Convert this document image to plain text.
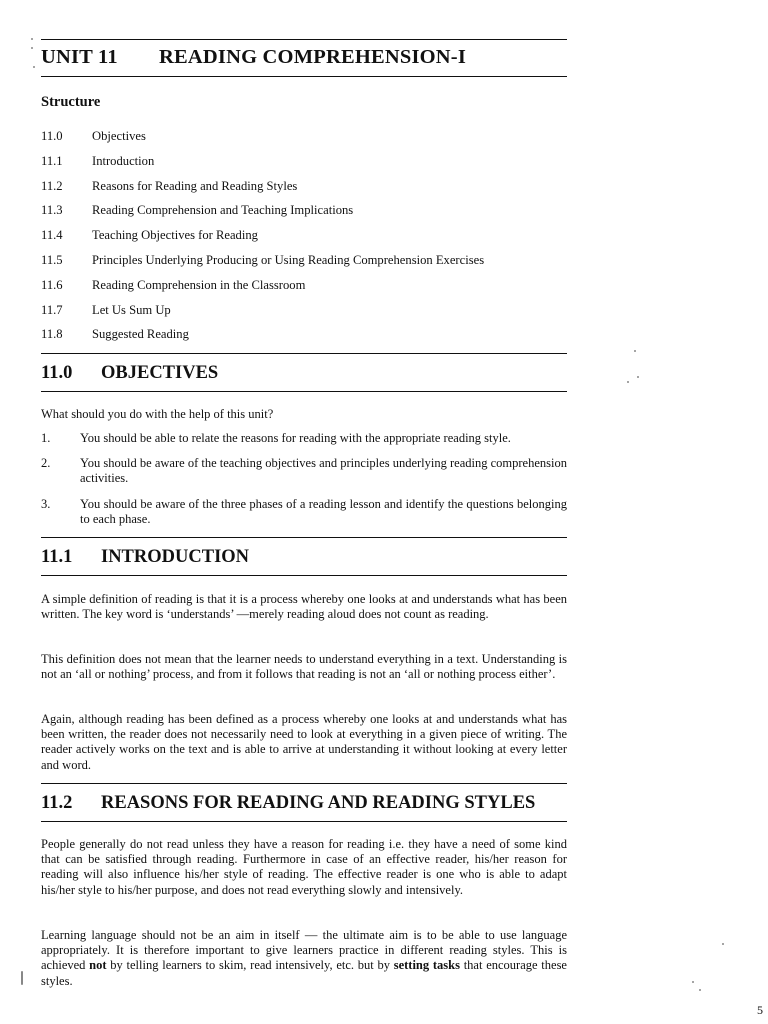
UNIT 11 READING COMPREHENSION-I
Structure
11.0 Objectives
11.1 Introduction
11.2 Reasons for Reading and Reading Styles
11.3 Reading Comprehension and Teaching Implications
11.4 Teaching Objectives for Reading
11.5 Principles Underlying Producing or Using Reading Comprehension Exercises
11.6 Reading Comprehension in the Classroom
11.7 Let Us Sum Up
11.8 Suggested Reading
11.0 OBJECTIVES

What should you do with the help of this unit?

1. You should be able to relate the reasons for reading with the appropriate reading style.
2. You should be aware of the teaching objectives and principles underlying reading comprehension activities.
3. You should be aware of the three phases of a reading lesson and identify the questions belonging to each phase.
11.1 INTRODUCTION

A simple definition of reading is that it is a process whereby one looks at and understands what has been written. The key word is ‘understands’ —merely reading aloud does not count as reading.

This definition does not mean that the learner needs to understand everything in a text. Understanding is not an ‘all or nothing’ process, and from it follows that reading is not an ‘all or nothing process either’.

Again, although reading has been defined as a process whereby one looks at and understands what has been written, the reader does not necessarily need to look at everything in a given piece of writing. The reader actively works on the text and is able to arrive at understanding it without looking at every letter and word.

11.2 REASONS FOR READING AND READING STYLES

People generally do not read unless they have a reason for reading i.e. they have a need of some kind that can be satisfied through reading. Furthermore in case of an effective reader, his/her reason for reading will also influence his/her style of reading. The effective reader is one who is able to adapt his/her style to his/her purpose, and does not read everything slowly and intensively.

Learning language should not be an aim in itself — the ultimate aim is to be able to use language appropriately. It is therefore important to give learners practice in different reading styles. This is achieved not by telling learners to skim, read intensively, etc. but by setting tasks that encourage these styles.

5
